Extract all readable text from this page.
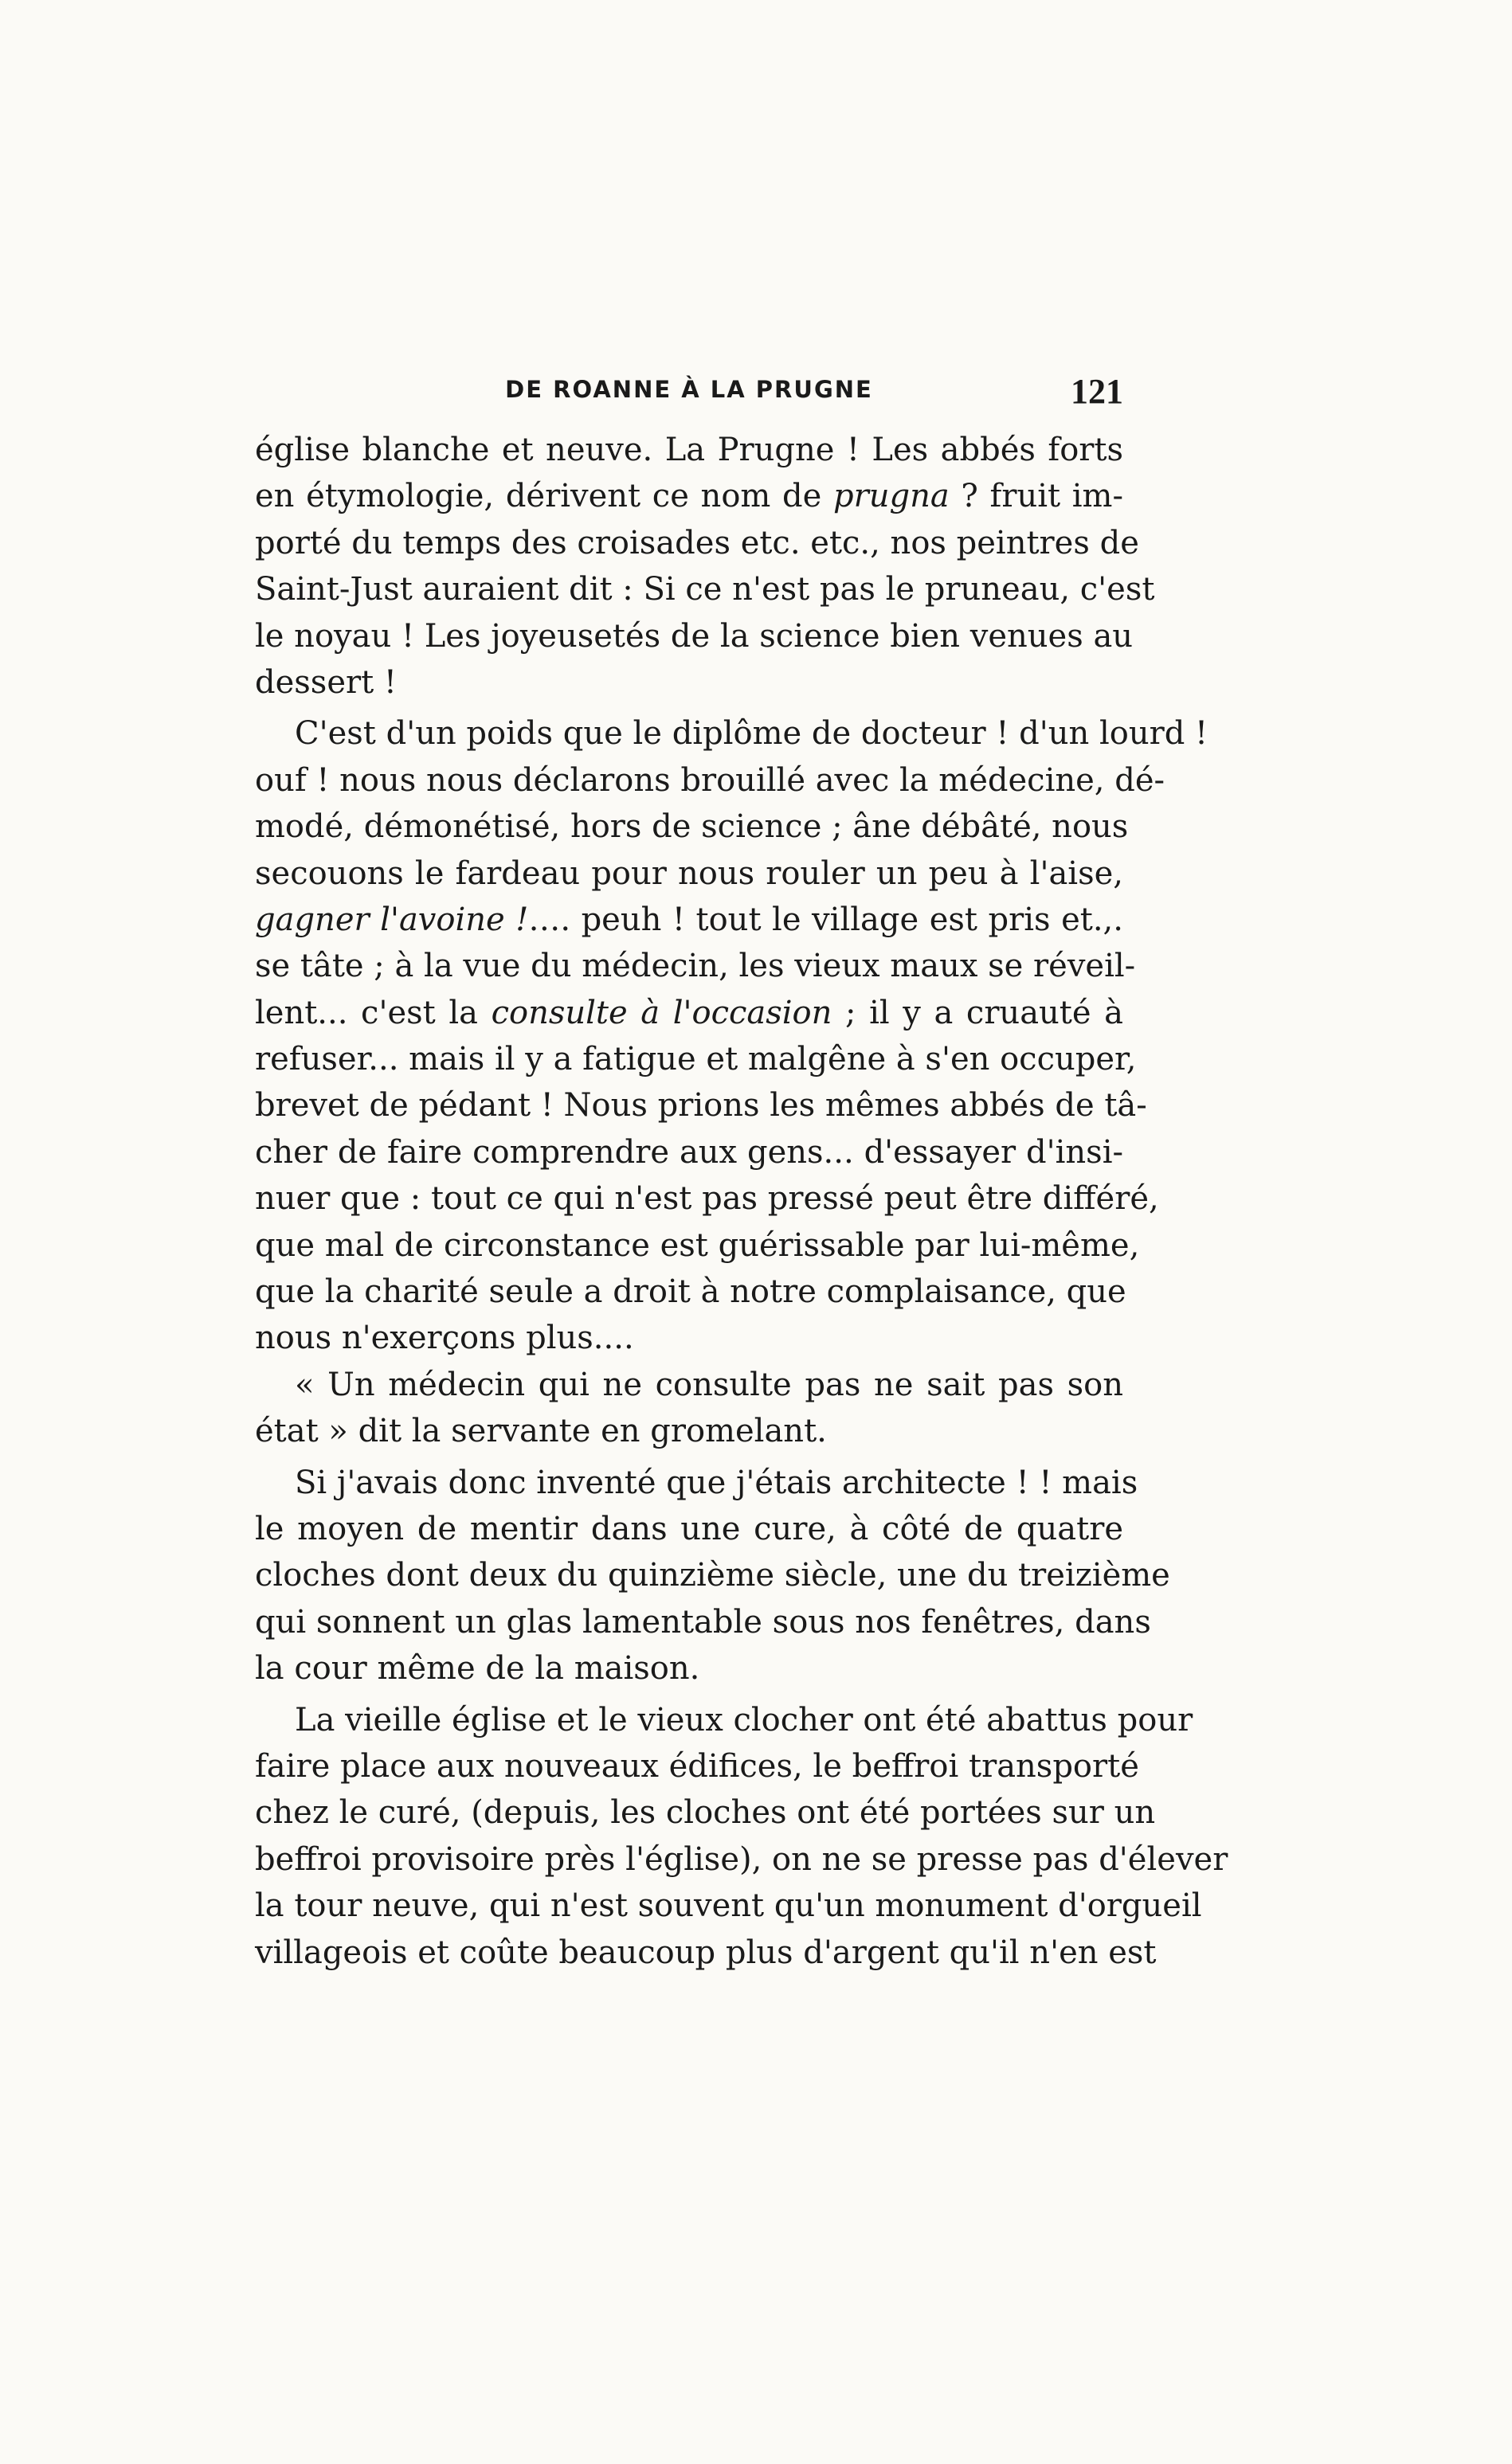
DE ROANNE À LA PRUGNE	121
église blanche et neuve. La Prugne ! Les abbés forts
en étymologie, dérivent ce nom de prugna ? fruit im-
porté du temps des croisades etc. etc., nos peintres de
Saint-Just auraient dit : Si ce n'est pas le pruneau, c'est
le noyau ! Les joyeusetés de la science bien venues au
dessert !
C'est d'un poids que le diplôme de docteur ! d'un lourd !
ouf ! nous nous déclarons brouillé avec la médecine, dé-
modé, démonétisé, hors de science ; âne débâté, nous
secouons le fardeau pour nous rouler un peu à l'aise,
gagner l'avoine !…. peuh ! tout le village est pris et.,.
se tâte ; à la vue du médecin, les vieux maux se réveil-
lent... c'est la consulte à l'occasion ; il y a cruauté à
refuser... mais il y a fatigue et malgêne à s'en occuper,
brevet de pédant ! Nous prions les mêmes abbés de tâ-
cher de faire comprendre aux gens... d'essayer d'insi-
nuer que : tout ce qui n'est pas pressé peut être différé,
que mal de circonstance est guérissable par lui-même,
que la charité seule a droit à notre complaisance, que
nous n'exerçons plus....
« Un médecin qui ne consulte pas ne sait pas son
état » dit la servante en gromelant.
Si j'avais donc inventé que j'étais architecte ! ! mais
le moyen de mentir dans une cure, à côté de quatre
cloches dont deux du quinzième siècle, une du treizième
qui sonnent un glas lamentable sous nos fenêtres, dans
la cour même de la maison.
La vieille église et le vieux clocher ont été abattus pour
faire place aux nouveaux édifices, le beffroi transporté
chez le curé, (depuis, les cloches ont été portées sur un
beffroi provisoire près l'église), on ne se presse pas d'élever
la tour neuve, qui n'est souvent qu'un monument d'orgueil
villageois et coûte beaucoup plus d'argent qu'il n'en est
